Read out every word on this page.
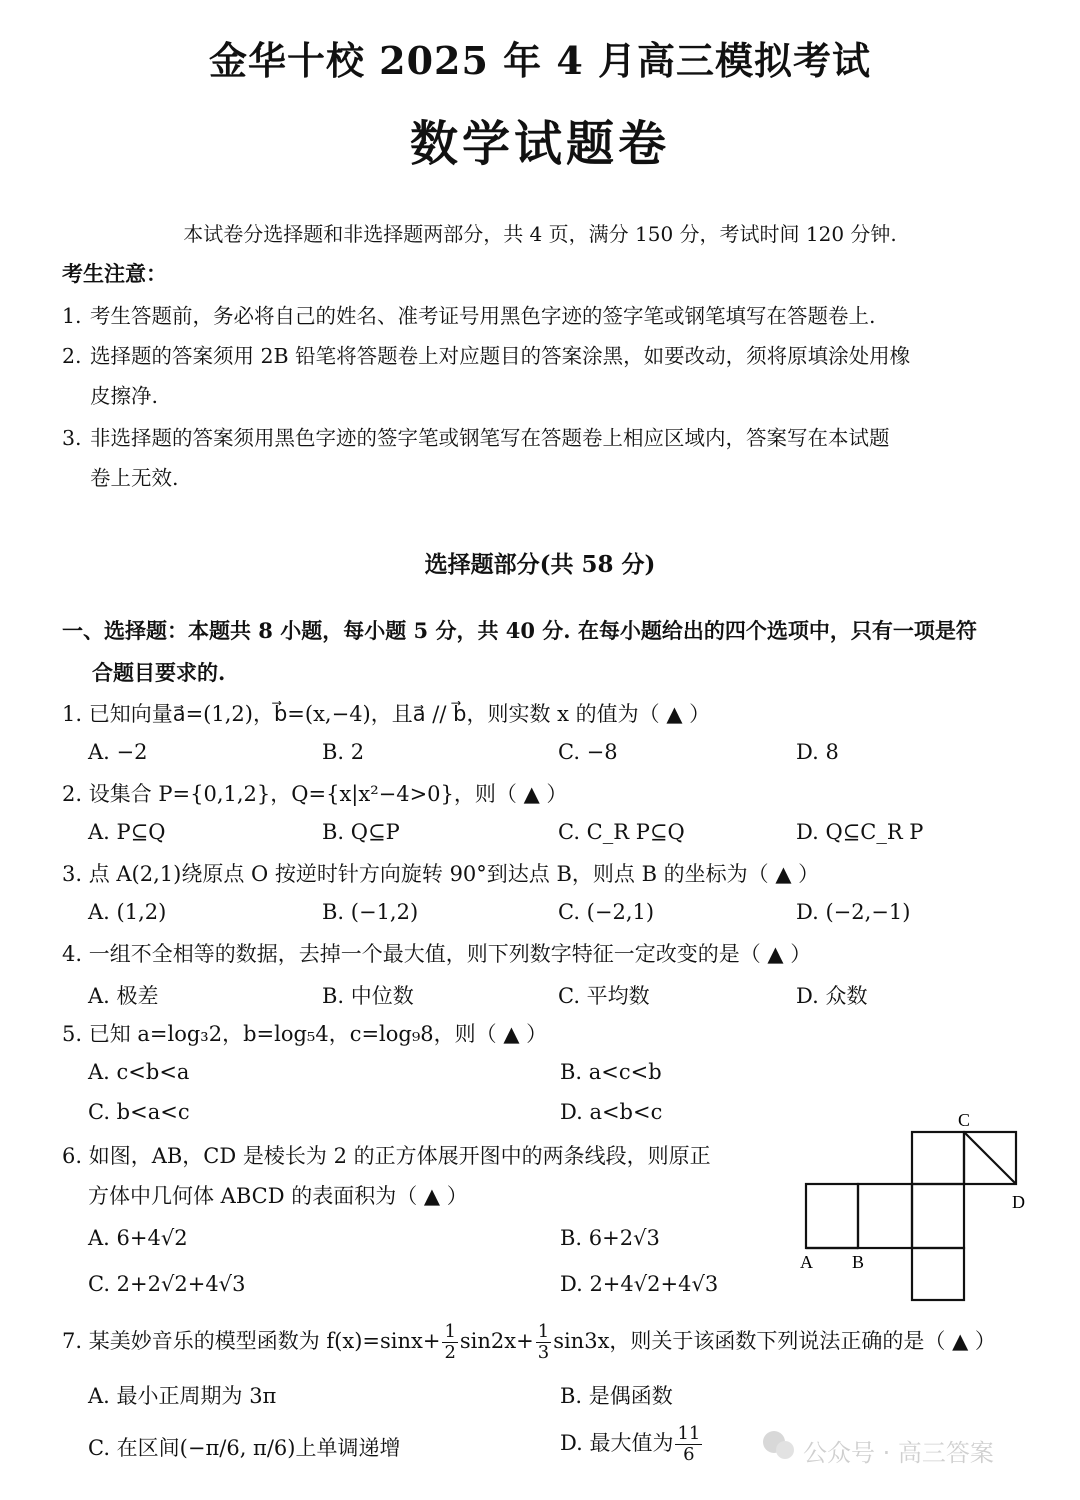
金华十校 2025 年 4 月高三模拟考试
数学试题卷
本试卷分选择题和非选择题两部分，共 4 页，满分 150 分，考试时间 120 分钟.
考生注意：
1. 考生答题前，务必将自己的姓名、准考证号用黑色字迹的签字笔或钢笔填写在答题卷上.
2. 选择题的答案须用 2B 铅笔将答题卷上对应题目的答案涂黑，如要改动，须将原填涂处用橡
皮擦净.
3. 非选择题的答案须用黑色字迹的签字笔或钢笔写在答题卷上相应区域内，答案写在本试题
卷上无效.
选择题部分(共 58 分)
一、选择题：本题共 8 小题，每小题 5 分，共 40 分. 在每小题给出的四个选项中，只有一项是符
合题目要求的.
1. 已知向量a⃗=(1,2)，b⃗=(x,−4)，且a⃗ // b⃗，则实数 x 的值为（ ▲ ）
A. −2	B. 2	C. −8	D. 8
2. 设集合 P={0,1,2}，Q={x|x²−4>0}，则（ ▲ ）
A. P⊆Q	B. Q⊆P	C. C_R P⊆Q	D. Q⊆C_R P
3. 点 A(2,1)绕原点 O 按逆时针方向旋转 90°到达点 B，则点 B 的坐标为（ ▲ ）
A. (1,2)	B. (−1,2)	C. (−2,1)	D. (−2,−1)
4. 一组不全相等的数据，去掉一个最大值，则下列数字特征一定改变的是（ ▲ ）
A. 极差	B. 中位数	C. 平均数	D. 众数
5. 已知 a=log₃2，b=log₅4，c=log₉8，则（ ▲ ）
A. c<b<a	B. a<c<b
C. b<a<c	D. a<b<c
6. 如图，AB，CD 是棱长为 2 的正方体展开图中的两条线段，则原正
方体中几何体 ABCD 的表面积为（ ▲ ）
A. 6+4√2	B. 6+2√3
C. 2+2√2+4√3	D. 2+4√2+4√3
C
D
A B
7. 某美妙音乐的模型函数为 $f(x)=\sin x+ \frac{1}{2} \sin 2x+ \frac{1}{3} \sin 3x$，则关于该函数下列说法正确的是（ ▲ ）
A. 最小正周期为 3π	B. 是偶函数
C. 在区间(−π/6, π/6)上单调递增	D. 最大值为 $\frac{11}{6}$	公众号 · 高三答案
